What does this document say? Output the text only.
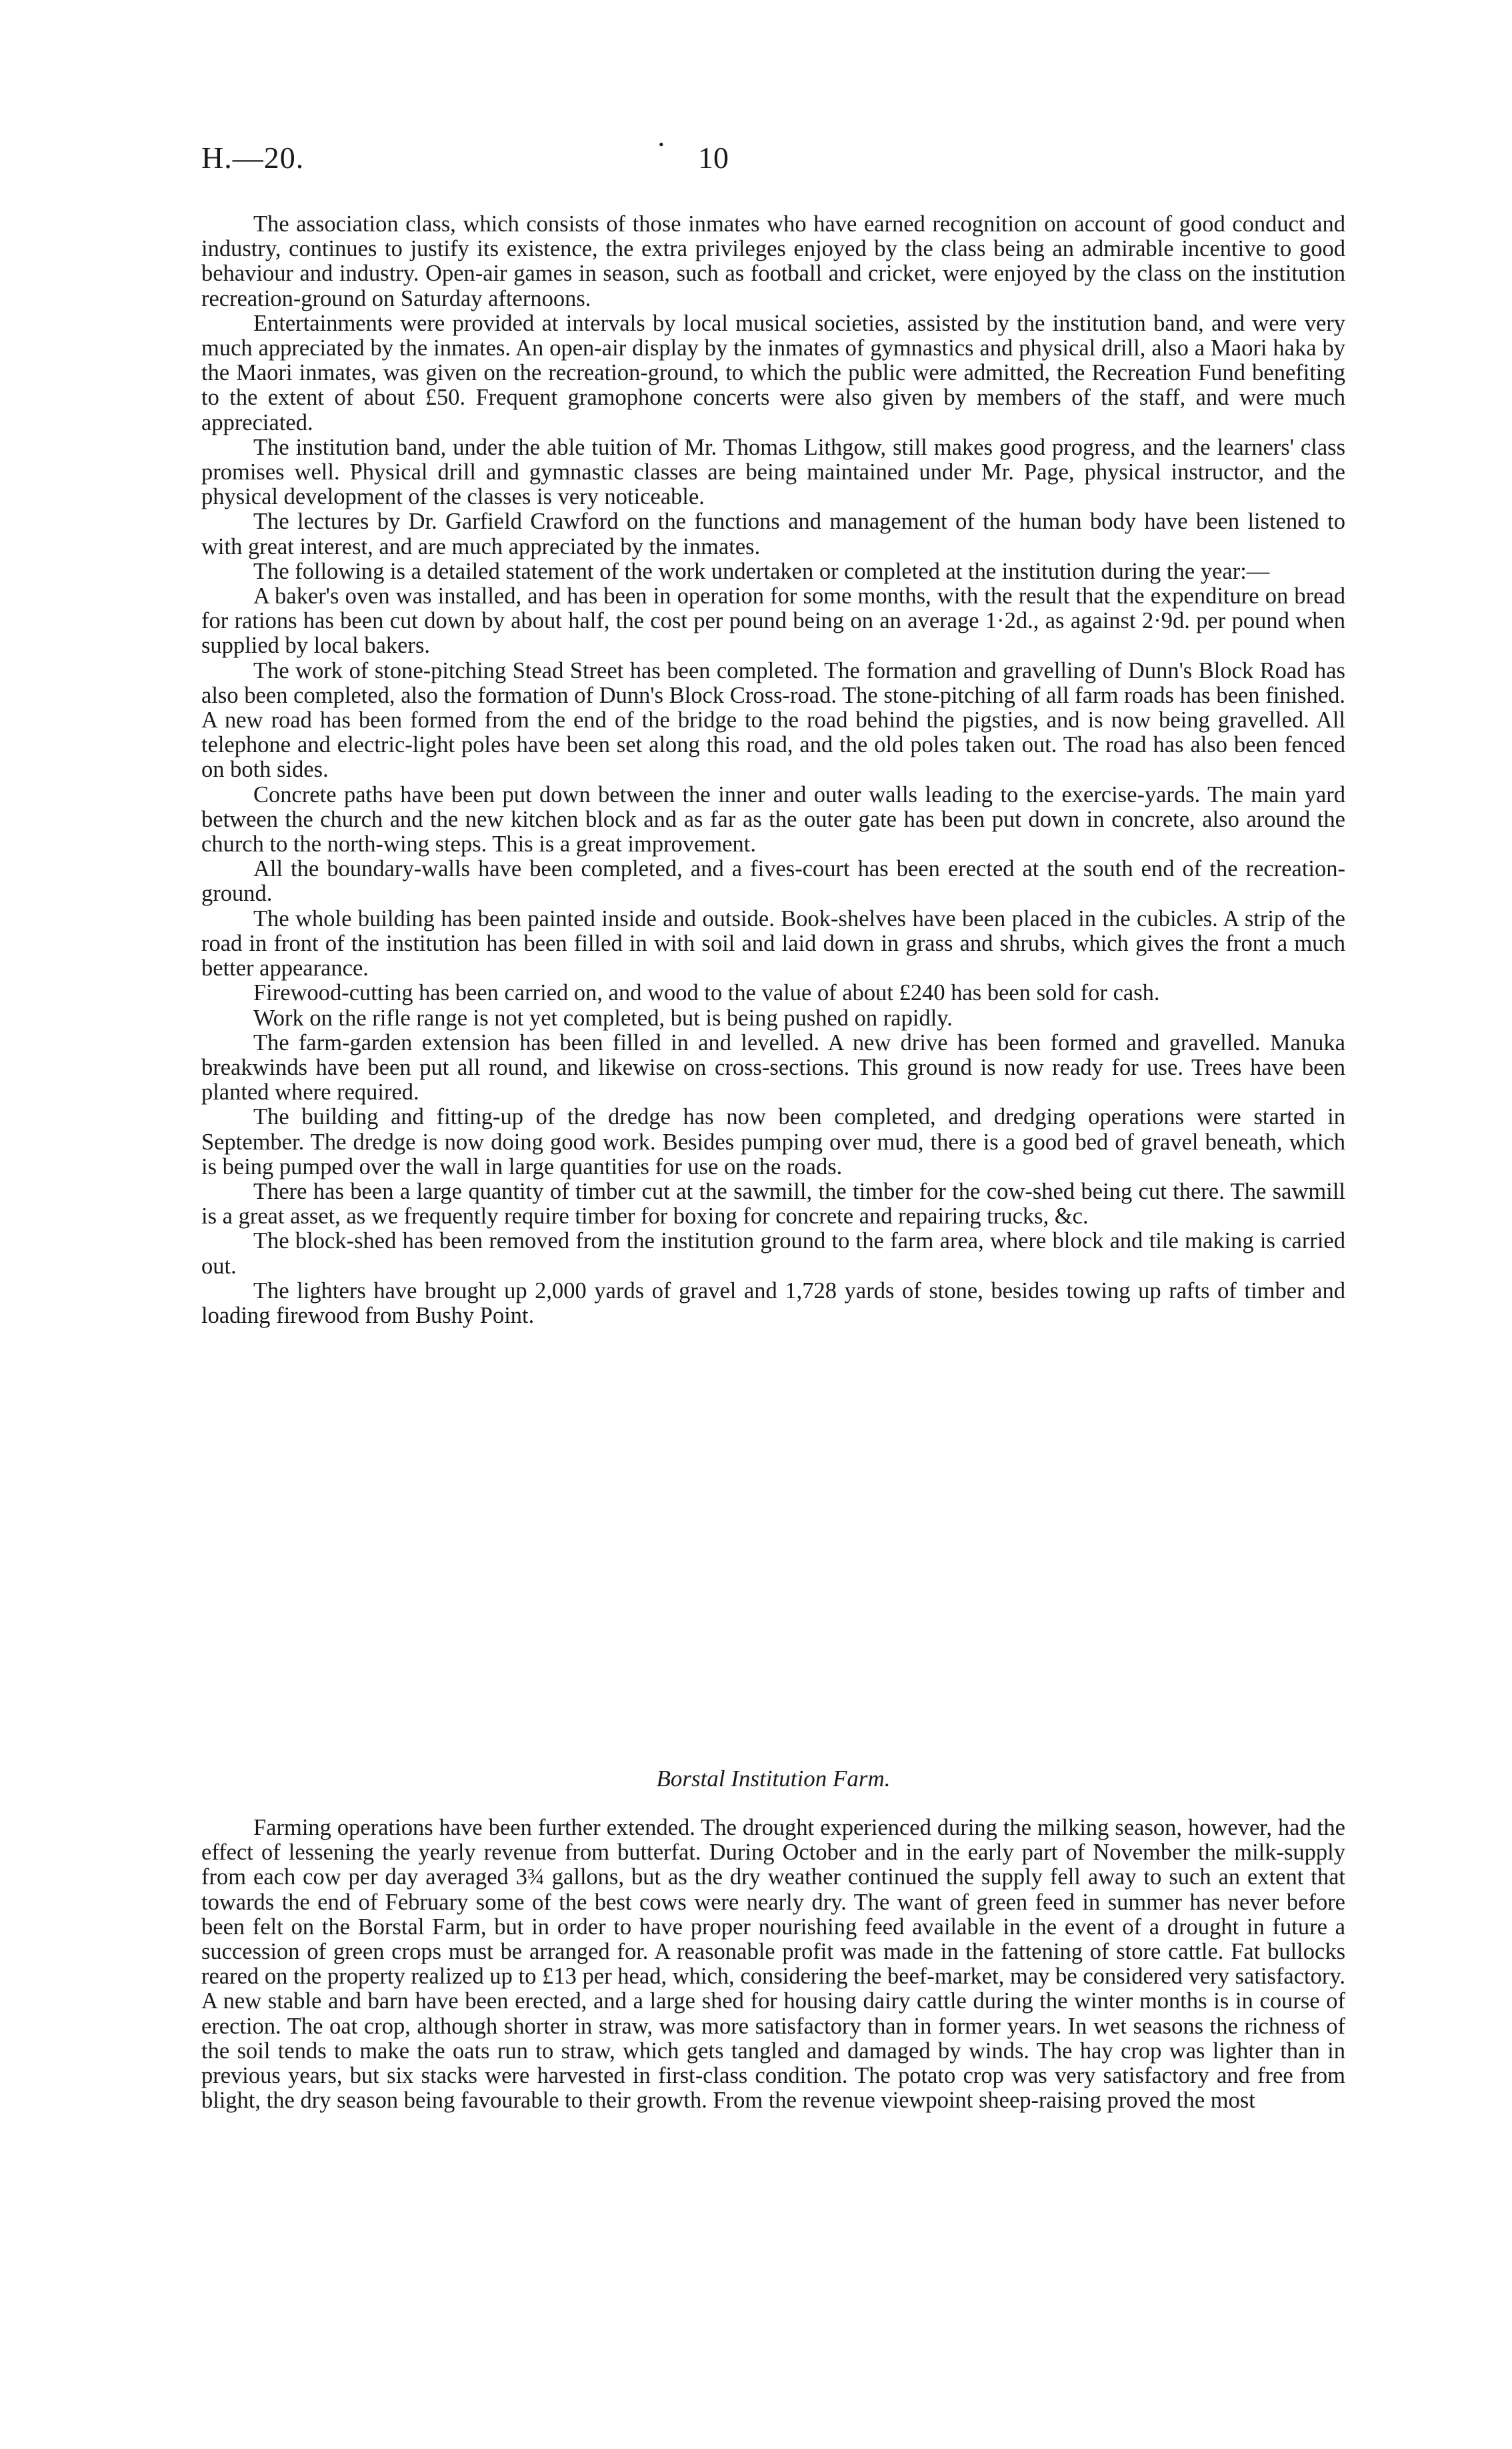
H.—20.	• 10

The association class, which consists of those inmates who have earned recognition on account of good conduct and industry, continues to justify its existence, the extra privileges enjoyed by the class being an admirable incentive to good behaviour and industry. Open-air games in season, such as football and cricket, were enjoyed by the class on the institution recreation-ground on Saturday afternoons.

Entertainments were provided at intervals by local musical societies, assisted by the institution band, and were very much appreciated by the inmates. An open-air display by the inmates of gymnastics and physical drill, also a Maori haka by the Maori inmates, was given on the recreation-ground, to which the public were admitted, the Recreation Fund benefiting to the extent of about £50. Frequent gramophone concerts were also given by members of the staff, and were much appreciated.

The institution band, under the able tuition of Mr. Thomas Lithgow, still makes good progress, and the learners' class promises well. Physical drill and gymnastic classes are being maintained under Mr. Page, physical instructor, and the physical development of the classes is very noticeable.

The lectures by Dr. Garfield Crawford on the functions and management of the human body have been listened to with great interest, and are much appreciated by the inmates.

The following is a detailed statement of the work undertaken or completed at the institution during the year:—

A baker's oven was installed, and has been in operation for some months, with the result that the expenditure on bread for rations has been cut down by about half, the cost per pound being on an average 1·2d., as against 2·9d. per pound when supplied by local bakers.

The work of stone-pitching Stead Street has been completed. The formation and gravelling of Dunn's Block Road has also been completed, also the formation of Dunn's Block Cross-road. The stone-pitching of all farm roads has been finished. A new road has been formed from the end of the bridge to the road behind the pigsties, and is now being gravelled. All telephone and electric-light poles have been set along this road, and the old poles taken out. The road has also been fenced on both sides.

Concrete paths have been put down between the inner and outer walls leading to the exercise-yards. The main yard between the church and the new kitchen block and as far as the outer gate has been put down in concrete, also around the church to the north-wing steps. This is a great improvement.

All the boundary-walls have been completed, and a fives-court has been erected at the south end of the recreation-ground.

The whole building has been painted inside and outside. Book-shelves have been placed in the cubicles. A strip of the road in front of the institution has been filled in with soil and laid down in grass and shrubs, which gives the front a much better appearance.

Firewood-cutting has been carried on, and wood to the value of about £240 has been sold for cash.

Work on the rifle range is not yet completed, but is being pushed on rapidly.

The farm-garden extension has been filled in and levelled. A new drive has been formed and gravelled. Manuka breakwinds have been put all round, and likewise on cross-sections. This ground is now ready for use. Trees have been planted where required.

The building and fitting-up of the dredge has now been completed, and dredging operations were started in September. The dredge is now doing good work. Besides pumping over mud, there is a good bed of gravel beneath, which is being pumped over the wall in large quantities for use on the roads.

There has been a large quantity of timber cut at the sawmill, the timber for the cow-shed being cut there. The sawmill is a great asset, as we frequently require timber for boxing for concrete and repairing trucks, &c.

The block-shed has been removed from the institution ground to the farm area, where block and tile making is carried out.

The lighters have brought up 2,000 yards of gravel and 1,728 yards of stone, besides towing up rafts of timber and loading firewood from Bushy Point.

Borstal Institution Farm.

Farming operations have been further extended. The drought experienced during the milking season, however, had the effect of lessening the yearly revenue from butterfat. During October and in the early part of November the milk-supply from each cow per day averaged 3¾ gallons, but as the dry weather continued the supply fell away to such an extent that towards the end of February some of the best cows were nearly dry. The want of green feed in summer has never before been felt on the Borstal Farm, but in order to have proper nourishing feed available in the event of a drought in future a succession of green crops must be arranged for. A reasonable profit was made in the fattening of store cattle. Fat bullocks reared on the property realized up to £13 per head, which, considering the beef-market, may be considered very satisfactory. A new stable and barn have been erected, and a large shed for housing dairy cattle during the winter months is in course of erection. The oat crop, although shorter in straw, was more satisfactory than in former years. In wet seasons the richness of the soil tends to make the oats run to straw, which gets tangled and damaged by winds. The hay crop was lighter than in previous years, but six stacks were harvested in first-class condition. The potato crop was very satisfactory and free from blight, the dry season being favourable to their growth. From the revenue viewpoint sheep-raising proved the most
